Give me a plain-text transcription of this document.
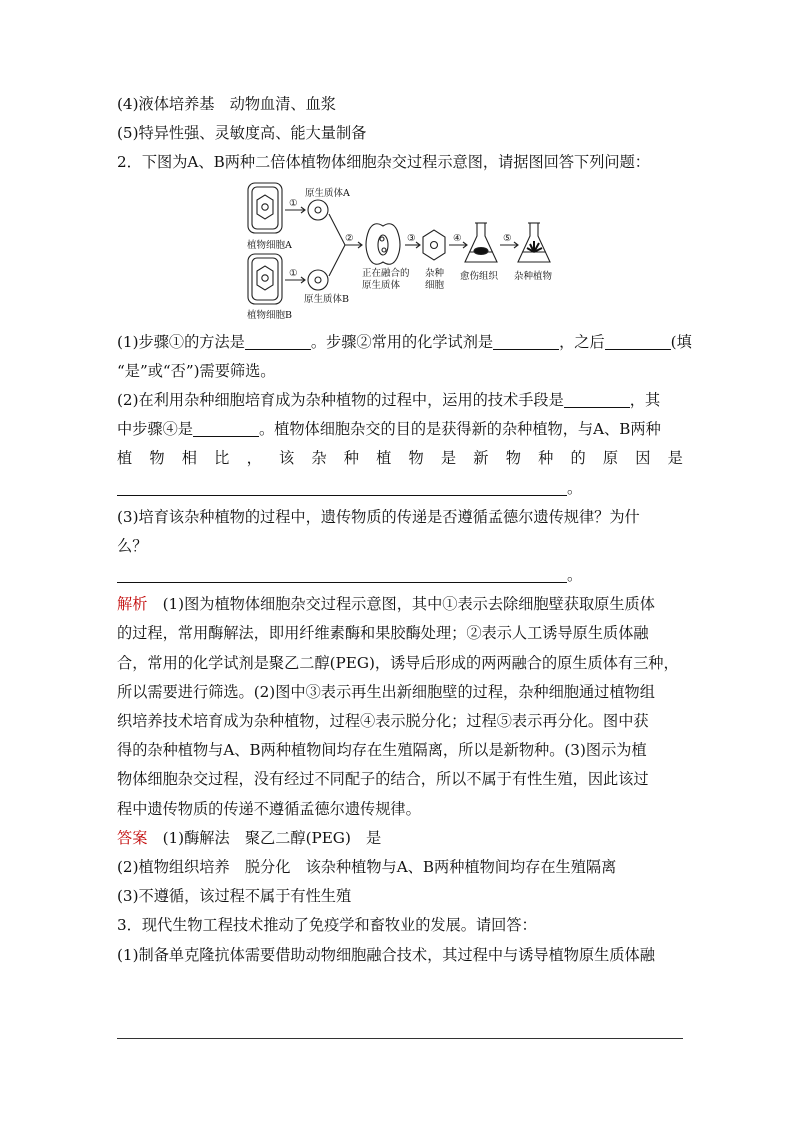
(4)液体培养基　动物血清、血浆
(5)特异性强、灵敏度高、能大量制备
2．下图为A、B两种二倍体植物体细胞杂交过程示意图，请据图回答下列问题：
原生质体A
植物细胞A
原生质体B
植物细胞B
正在融合的
原生质体
杂种
细胞
愈伤组织 杂种植物
①
①
②	③	④	⑤
(1)步骤①的方法是	。步骤②常用的化学试剂是	，之后	(填
“是”或“否”)需要筛选。
(2)在利用杂种细胞培育成为杂种植物的过程中，运用的技术手段是	，其
中步骤④是	。植物体细胞杂交的目的是获得新的杂种植物，与A、B两种
植 物 相 比 ， 该 杂 种 植 物 是 新 物 种 的 原 因 是
。
(3)培育该杂种植物的过程中，遗传物质的传递是否遵循孟德尔遗传规律？为什
么？
。
解析　(1)图为植物体细胞杂交过程示意图，其中①表示去除细胞壁获取原生质体
的过程，常用酶解法，即用纤维素酶和果胶酶处理；②表示人工诱导原生质体融
合，常用的化学试剂是聚乙二醇(PEG)，诱导后形成的两两融合的原生质体有三种，
所以需要进行筛选。(2)图中③表示再生出新细胞壁的过程，杂种细胞通过植物组
织培养技术培育成为杂种植物，过程④表示脱分化；过程⑤表示再分化。图中获
得的杂种植物与A、B两种植物间均存在生殖隔离，所以是新物种。(3)图示为植
物体细胞杂交过程，没有经过不同配子的结合，所以不属于有性生殖，因此该过
程中遗传物质的传递不遵循孟德尔遗传规律。
答案　(1)酶解法　聚乙二醇(PEG)　是
(2)植物组织培养　脱分化　该杂种植物与A、B两种植物间均存在生殖隔离
(3)不遵循，该过程不属于有性生殖
3．现代生物工程技术推动了免疫学和畜牧业的发展。请回答：
(1)制备单克隆抗体需要借助动物细胞融合技术，其过程中与诱导植物原生质体融
